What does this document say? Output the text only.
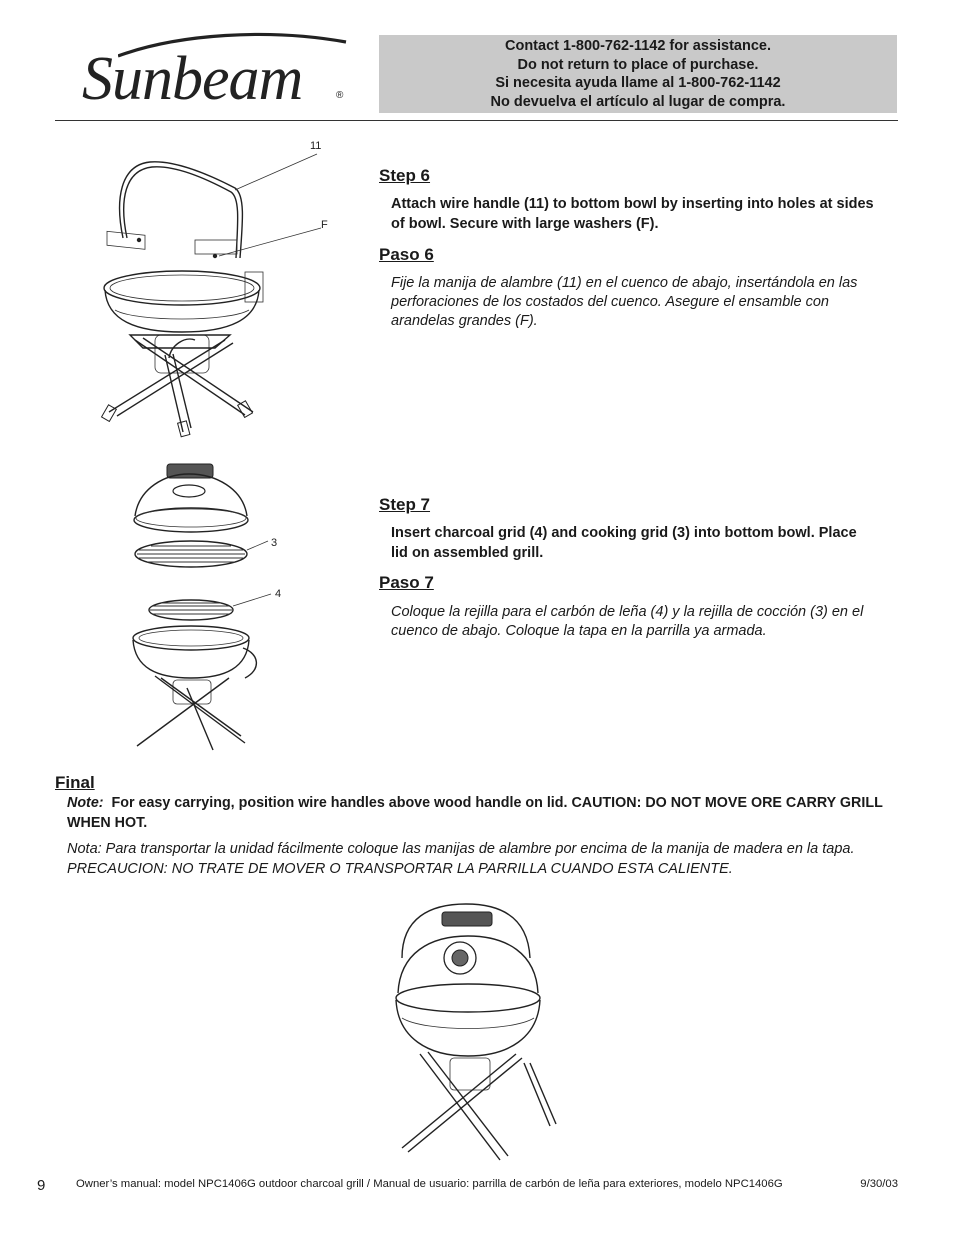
Sunbeam	®
Contact 1-800-762-1142 for assistance.
Do not return to place of purchase.
Si necesita ayuda llame al 1-800-762-1142
No devuelva el artículo al lugar de compra.
11
F
Step 6
Attach wire handle (11) to bottom bowl by inserting into holes at sides of bowl. Secure with large washers (F).
Paso 6
Fije la manija de alambre (11) en el cuenco de abajo, insertándola en las perforaciones de los costados del cuenco. Asegure el ensamble con arandelas grandes (F).
3
4
Step 7
Insert charcoal grid (4) and cooking grid (3) into bottom bowl. Place lid on assembled grill.
Paso 7
Coloque la rejilla para el carbón de leña (4) y la rejilla de cocción (3) en el cuenco de abajo. Coloque la tapa en la parrilla ya armada.
Final
Note: For easy carrying, position wire handles above wood handle on lid. CAUTION: DO NOT MOVE ORE CARRY GRILL WHEN HOT.
Nota: Para transportar la unidad fácilmente coloque las manijas de alambre por encima de la manija de madera en la tapa. PRECAUCION: NO TRATE DE MOVER O TRANSPORTAR LA PARRILLA CUANDO ESTA CALIENTE.
9	Owner’s manual: model NPC1406G outdoor charcoal grill / Manual de usuario: parrilla de carbón de leña para exteriores, modelo NPC1406G	9/30/03
